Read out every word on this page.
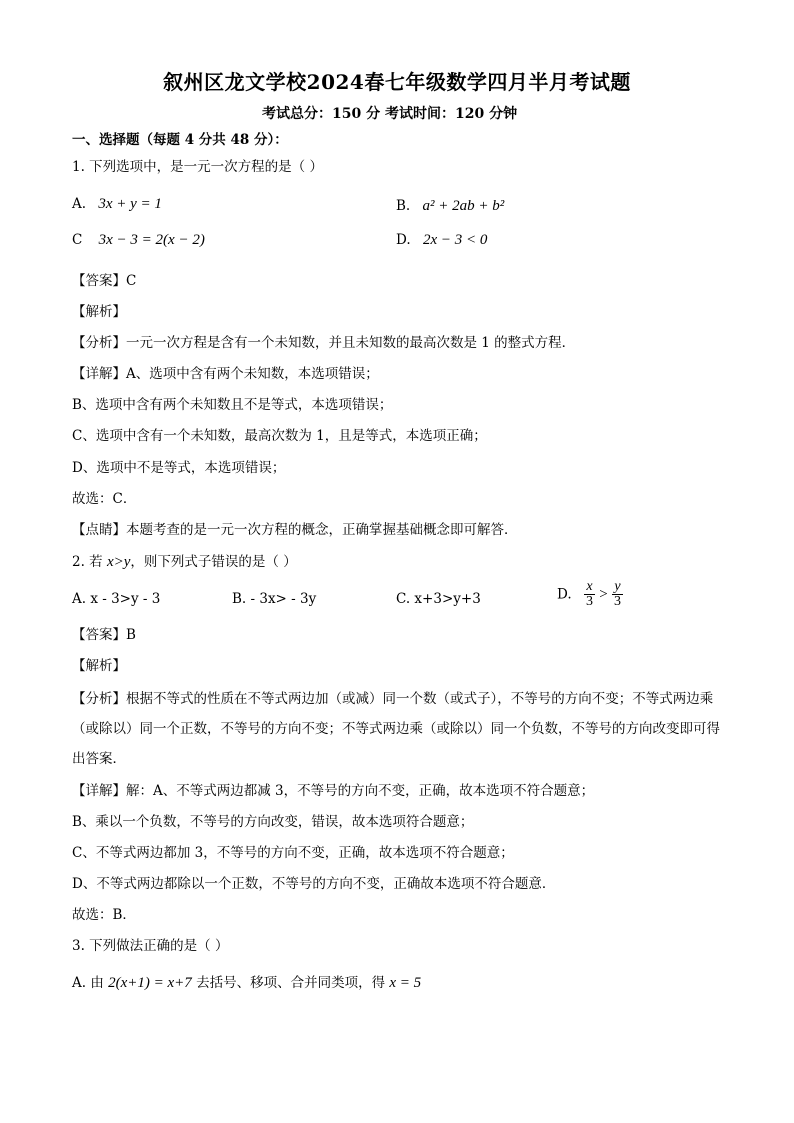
叙州区龙文学校2024春七年级数学四月半月考试题
考试总分：150 分 考试时间：120 分钟
一、选择题（每题 4 分共 48 分）：
1. 下列选项中，是一元一次方程的是（ ）
A. 3x + y = 1	B. a² + 2ab + b²
C 3x − 3 = 2(x − 2)	D. 2x − 3 < 0
【答案】C
【解析】
【分析】一元一次方程是含有一个未知数，并且未知数的最高次数是 1 的整式方程．
【详解】A、选项中含有两个未知数，本选项错误；
B、选项中含有两个未知数且不是等式，本选项错误；
C、选项中含有一个未知数，最高次数为 1，且是等式，本选项正确；
D、选项中不是等式，本选项错误；
故选：C．
【点睛】本题考查的是一元一次方程的概念，正确掌握基础概念即可解答．
2. 若 x>y，则下列式子错误的是（ ）
A. x - 3>y - 3	B. - 3x> - 3y	C. x+3>y+3	D. $\frac{x}{3} > \frac{y}{3}$
【答案】B
【解析】
【分析】根据不等式的性质在不等式两边加（或减）同一个数（或式子），不等号的方向不变；不等式两边乘（或除以）同一个正数，不等号的方向不变；不等式两边乘（或除以）同一个负数，不等号的方向改变即可得出答案．
【详解】解：A、不等式两边都减 3，不等号的方向不变，正确，故本选项不符合题意；
B、乘以一个负数，不等号的方向改变，错误，故本选项符合题意；
C、不等式两边都加 3，不等号的方向不变，正确，故本选项不符合题意；
D、不等式两边都除以一个正数，不等号的方向不变，正确故本选项不符合题意．
故选：B．
3. 下列做法正确的是（ ）
A. 由 2(x+1) = x+7 去括号、移项、合并同类项，得 x = 5
